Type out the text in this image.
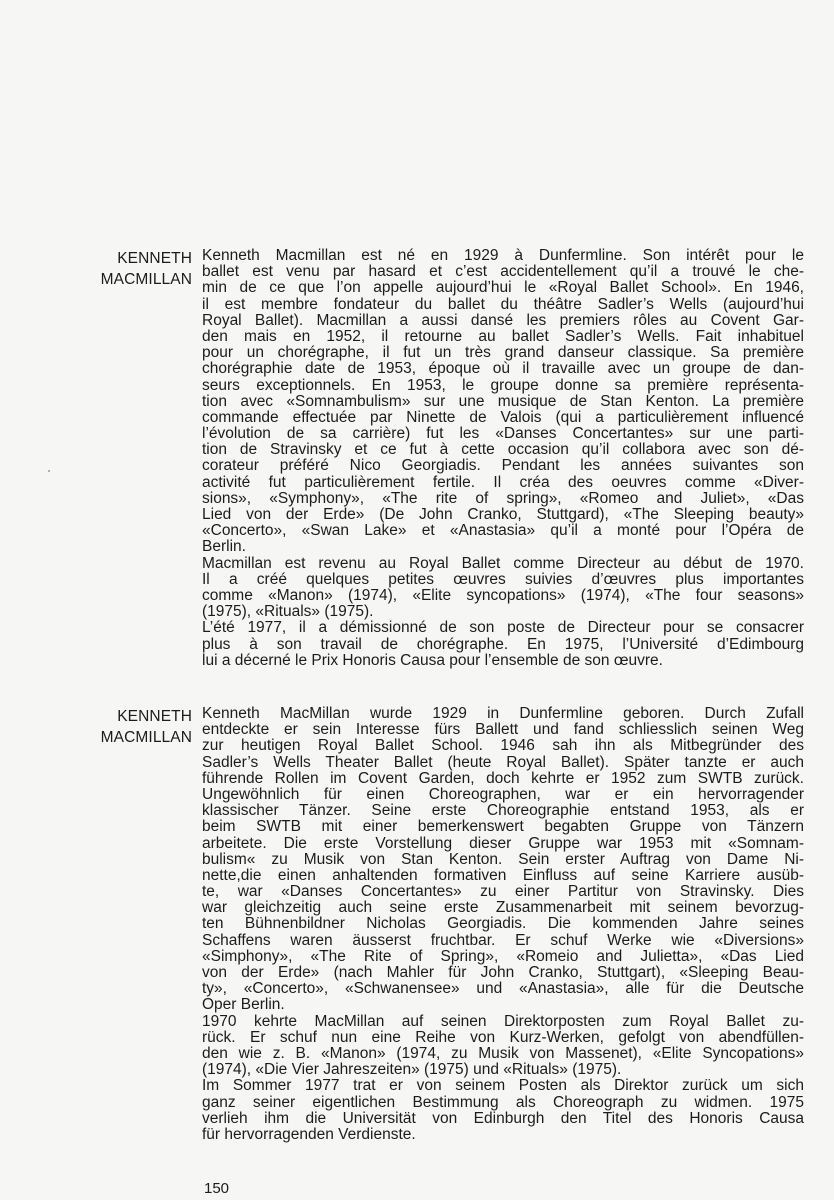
KENNETH
MACMILLAN
Kenneth Macmillan est né en 1929 à Dunfermline. Son intérêt pour le
ballet est venu par hasard et c’est accidentellement qu’il a trouvé le che-
min de ce que l’on appelle aujourd’hui le «Royal Ballet School». En 1946,
il est membre fondateur du ballet du théâtre Sadler’s Wells (aujourd’hui
Royal Ballet). Macmillan a aussi dansé les premiers rôles au Covent Gar-
den mais en 1952, il retourne au ballet Sadler’s Wells. Fait inhabituel
pour un chorégraphe, il fut un très grand danseur classique. Sa première
chorégraphie date de 1953, époque où il travaille avec un groupe de dan-
seurs exceptionnels. En 1953, le groupe donne sa première représenta-
tion avec «Somnambulism» sur une musique de Stan Kenton. La première
commande effectuée par Ninette de Valois (qui a particulièrement influencé
l’évolution de sa carrière) fut les «Danses Concertantes» sur une parti-
tion de Stravinsky et ce fut à cette occasion qu’il collabora avec son dé-
corateur préféré Nico Georgiadis. Pendant les années suivantes son
activité fut particulièrement fertile. Il créa des oeuvres comme «Diver-
sions», «Symphony», «The rite of spring», «Romeo and Juliet», «Das
Lied von der Erde» (De John Cranko, Stuttgard), «The Sleeping beauty»
«Concerto», «Swan Lake» et «Anastasia» qu’il a monté pour l’Opéra de
Berlin.
Macmillan est revenu au Royal Ballet comme Directeur au début de 1970.
Il a créé quelques petites œuvres suivies d’œuvres plus importantes
comme «Manon» (1974), «Elite syncopations» (1974), «The four seasons»
(1975), «Rituals» (1975).
L’été 1977, il a démissionné de son poste de Directeur pour se consacrer
plus à son travail de chorégraphe. En 1975, l’Université d’Edimbourg
lui a décerné le Prix Honoris Causa pour l’ensemble de son œuvre.
KENNETH
MACMILLAN
Kenneth MacMillan wurde 1929 in Dunfermline geboren. Durch Zufall
entdeckte er sein Interesse fürs Ballett und fand schliesslich seinen Weg
zur heutigen Royal Ballet School. 1946 sah ihn als Mitbegründer des
Sadler’s Wells Theater Ballet (heute Royal Ballet). Später tanzte er auch
führende Rollen im Covent Garden, doch kehrte er 1952 zum SWTB zurück.
Ungewöhnlich für einen Choreographen, war er ein hervorragender
klassischer Tänzer. Seine erste Choreographie entstand 1953, als er
beim SWTB mit einer bemerkenswert begabten Gruppe von Tänzern
arbeitete. Die erste Vorstellung dieser Gruppe war 1953 mit «Somnam-
bulism« zu Musik von Stan Kenton. Sein erster Auftrag von Dame Ni-
nette,die einen anhaltenden formativen Einfluss auf seine Karriere ausüb-
te, war «Danses Concertantes» zu einer Partitur von Stravinsky. Dies
war gleichzeitig auch seine erste Zusammenarbeit mit seinem bevorzug-
ten Bühnenbildner Nicholas Georgiadis. Die kommenden Jahre seines
Schaffens waren äusserst fruchtbar. Er schuf Werke wie «Diversions»
«Simphony», «The Rite of Spring», «Romeio and Julietta», «Das Lied
von der Erde» (nach Mahler für John Cranko, Stuttgart), «Sleeping Beau-
ty», «Concerto», «Schwanensee» und «Anastasia», alle für die Deutsche
Oper Berlin.
1970 kehrte MacMillan auf seinen Direktorposten zum Royal Ballet zu-
rück. Er schuf nun eine Reihe von Kurz-Werken, gefolgt von abendfüllen-
den wie z. B. «Manon» (1974, zu Musik von Massenet), «Elite Syncopations»
(1974), «Die Vier Jahreszeiten» (1975) und «Rituals» (1975).
Im Sommer 1977 trat er von seinem Posten als Direktor zurück um sich
ganz seiner eigentlichen Bestimmung als Choreograph zu widmen. 1975
verlieh ihm die Universität von Edinburgh den Titel des Honoris Causa
für hervorragenden Verdienste.
150
